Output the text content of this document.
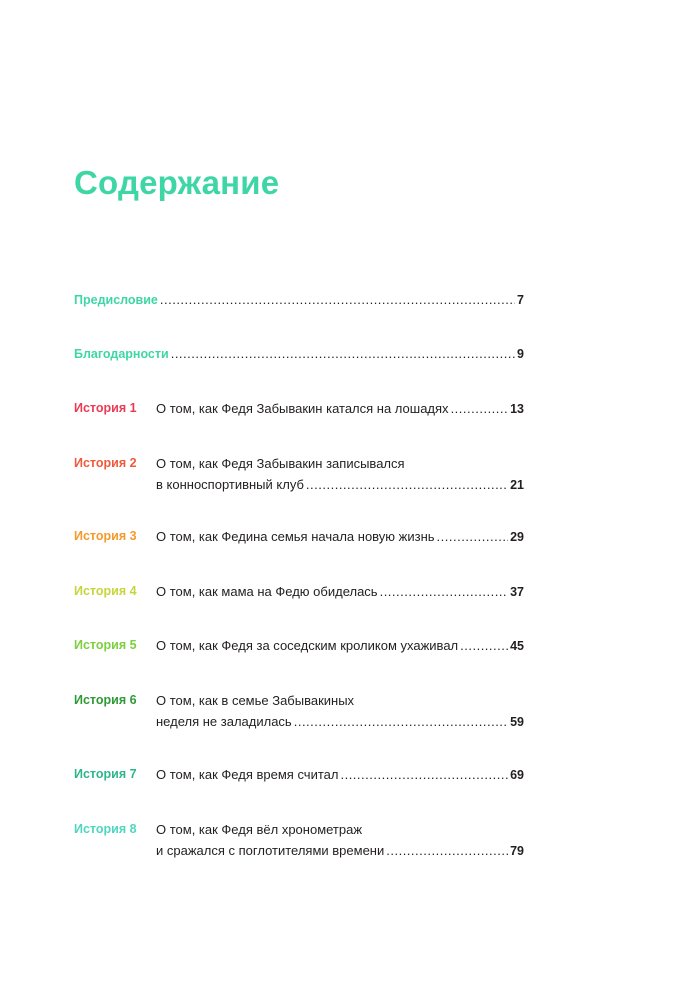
Содержание
Предисловие .....	7
Благодарности .....	9
История 1 О том, как Федя Забывакин катался на лошадях .....	13
История 2 О том, как Федя Забывакин записывался
в конноспортивный клуб .....	21
История 3 О том, как Федина семья начала новую жизнь .....	29
История 4 О том, как мама на Федю обиделась .....	37
История 5 О том, как Федя за соседским кроликом ухаживал .....	45
История 6 О том, как в семье Забывакиных
неделя не заладилась .....	59
История 7 О том, как Федя время считал .....	69
История 8 О том, как Федя вёл хронометраж
и сражался с поглотителями времени .....	79
